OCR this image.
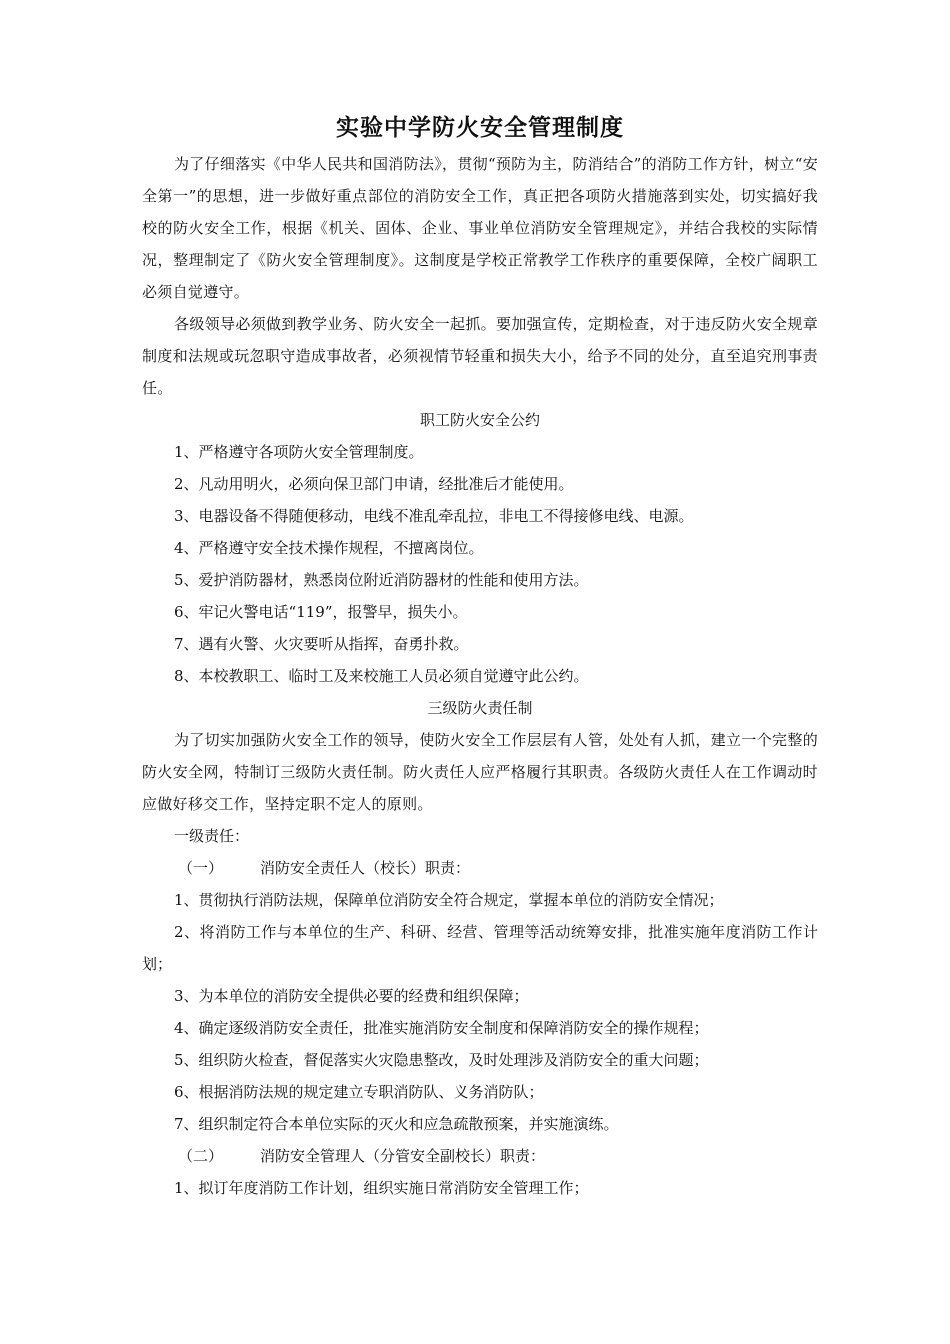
实验中学防火安全管理制度

为了仔细落实《中华人民共和国消防法》，贯彻“预防为主，防消结合”的消防工作方针，树立“安全第一”的思想，进一步做好重点部位的消防安全工作，真正把各项防火措施落到实处，切实搞好我校的防火安全工作，根据《机关、固体、企业、事业单位消防安全管理规定》，并结合我校的实际情况，整理制定了《防火安全管理制度》。这制度是学校正常教学工作秩序的重要保障，全校广阔职工必须自觉遵守。

各级领导必须做到教学业务、防火安全一起抓。要加强宣传，定期检查，对于违反防火安全规章制度和法规或玩忽职守造成事故者，必须视情节轻重和损失大小，给予不同的处分，直至追究刑事责任。

职工防火安全公约

1、严格遵守各项防火安全管理制度。

2、凡动用明火，必须向保卫部门申请，经批准后才能使用。

3、电器设备不得随便移动，电线不准乱牵乱拉，非电工不得接修电线、电源。

4、严格遵守安全技术操作规程，不擅离岗位。

5、爱护消防器材，熟悉岗位附近消防器材的性能和使用方法。

6、牢记火警电话“119”，报警早，损失小。

7、遇有火警、火灾要听从指挥，奋勇扑救。

8、本校教职工、临时工及来校施工人员必须自觉遵守此公约。

三级防火责任制

为了切实加强防火安全工作的领导，使防火安全工作层层有人管，处处有人抓，建立一个完整的防火安全网，特制订三级防火责任制。防火责任人应严格履行其职责。各级防火责任人在工作调动时应做好移交工作，坚持定职不定人的原则。

一级责任：

（一） 消防安全责任人（校长）职责：

1、贯彻执行消防法规，保障单位消防安全符合规定，掌握本单位的消防安全情况；

2、将消防工作与本单位的生产、科研、经营、管理等活动统筹安排，批准实施年度消防工作计划；

3、为本单位的消防安全提供必要的经费和组织保障；

4、确定逐级消防安全责任，批准实施消防安全制度和保障消防安全的操作规程；

5、组织防火检查，督促落实火灾隐患整改，及时处理涉及消防安全的重大问题；

6、根据消防法规的规定建立专职消防队、义务消防队；

7、组织制定符合本单位实际的灭火和应急疏散预案，并实施演练。

（二） 消防安全管理人（分管安全副校长）职责：

1、拟订年度消防工作计划，组织实施日常消防安全管理工作；
